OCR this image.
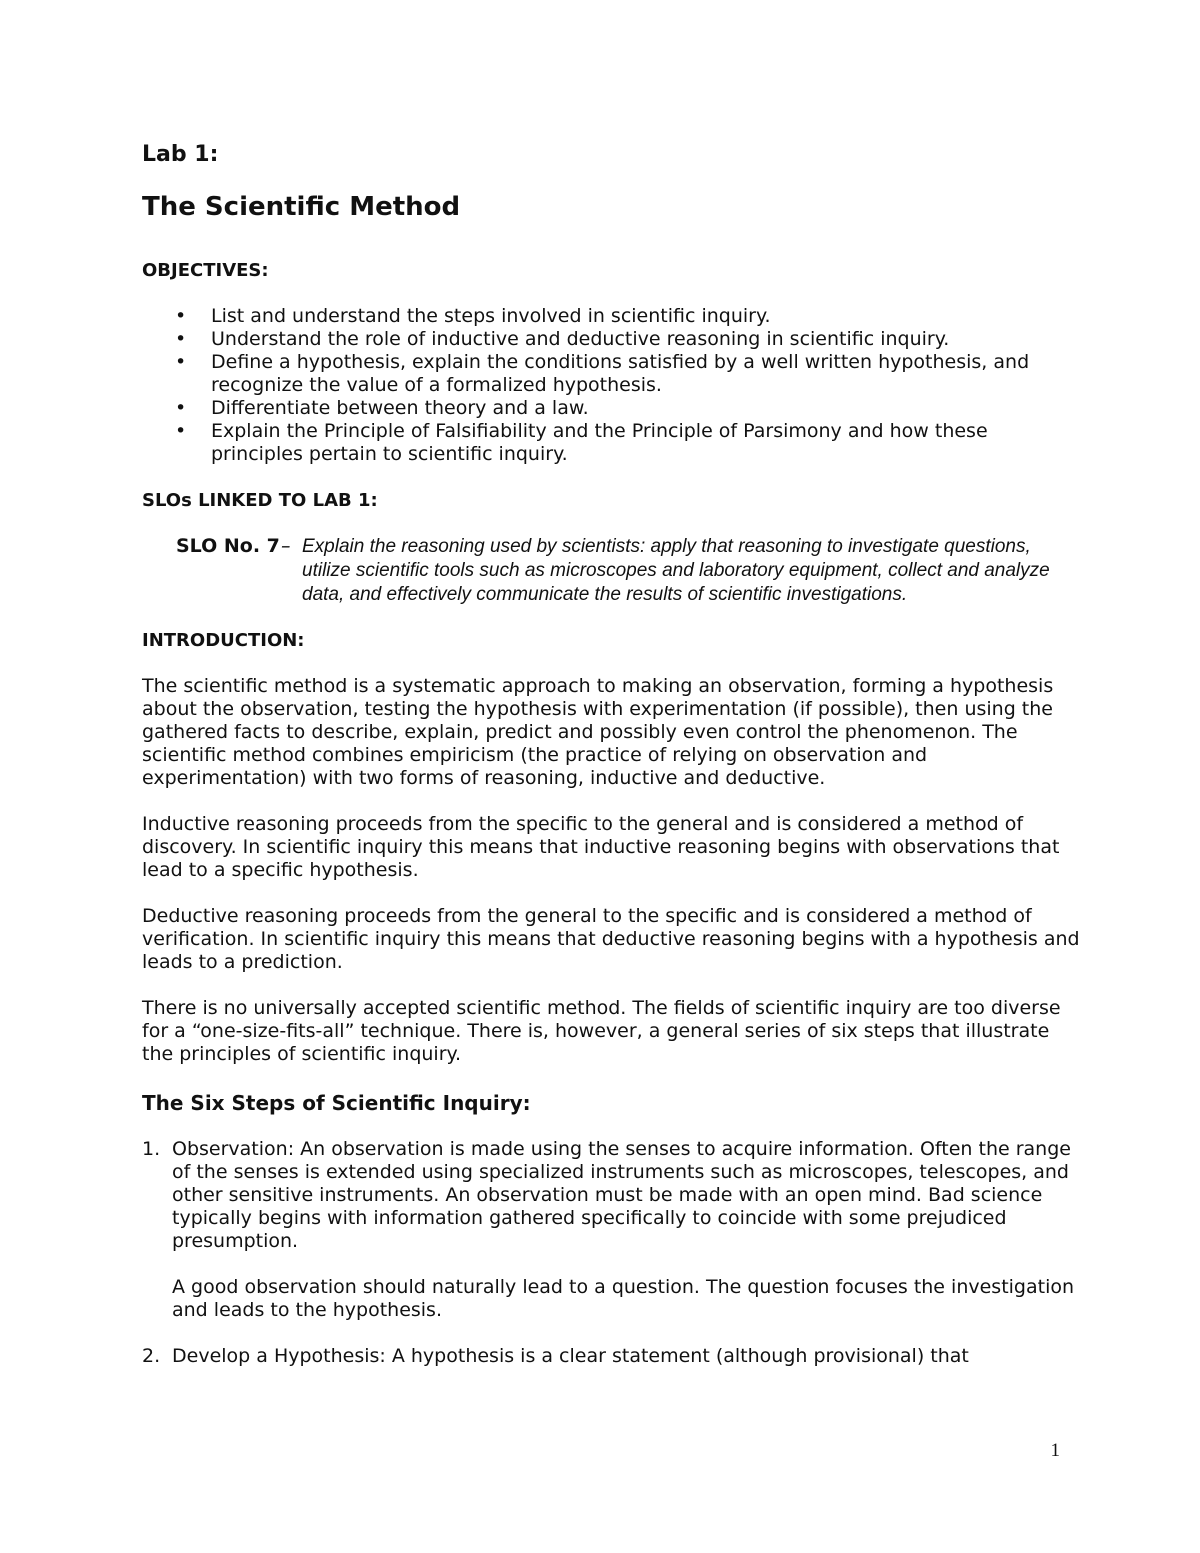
Lab 1:
The Scientific Method
OBJECTIVES:
• List and understand the steps involved in scientific inquiry.
• Understand the role of inductive and deductive reasoning in scientific inquiry.
• Define a hypothesis, explain the conditions satisfied by a well written hypothesis, and recognize the value of a formalized hypothesis.
• Differentiate between theory and a law.
• Explain the Principle of Falsifiability and the Principle of Parsimony and how these principles pertain to scientific inquiry.
SLOs LINKED TO LAB 1:
SLO No. 7 – Explain the reasoning used by scientists: apply that reasoning to investigate questions, utilize scientific tools such as microscopes and laboratory equipment, collect and analyze data, and effectively communicate the results of scientific investigations.
INTRODUCTION:

The scientific method is a systematic approach to making an observation, forming a hypothesis about the observation, testing the hypothesis with experimentation (if possible), then using the gathered facts to describe, explain, predict and possibly even control the phenomenon. The scientific method combines empiricism (the practice of relying on observation and experimentation) with two forms of reasoning, inductive and deductive.

Inductive reasoning proceeds from the specific to the general and is considered a method of discovery. In scientific inquiry this means that inductive reasoning begins with observations that lead to a specific hypothesis.

Deductive reasoning proceeds from the general to the specific and is considered a method of verification. In scientific inquiry this means that deductive reasoning begins with a hypothesis and leads to a prediction.

There is no universally accepted scientific method. The fields of scientific inquiry are too diverse for a “one-size-fits-all” technique. There is, however, a general series of six steps that illustrate the principles of scientific inquiry.

The Six Steps of Scientific Inquiry:
1. Observation: An observation is made using the senses to acquire information. Often the range of the senses is extended using specialized instruments such as microscopes, telescopes, and other sensitive instruments. An observation must be made with an open mind. Bad science typically begins with information gathered specifically to coincide with some prejudiced presumption.
A good observation should naturally lead to a question. The question focuses the investigation and leads to the hypothesis.
2. Develop a Hypothesis: A hypothesis is a clear statement (although provisional) that
1
